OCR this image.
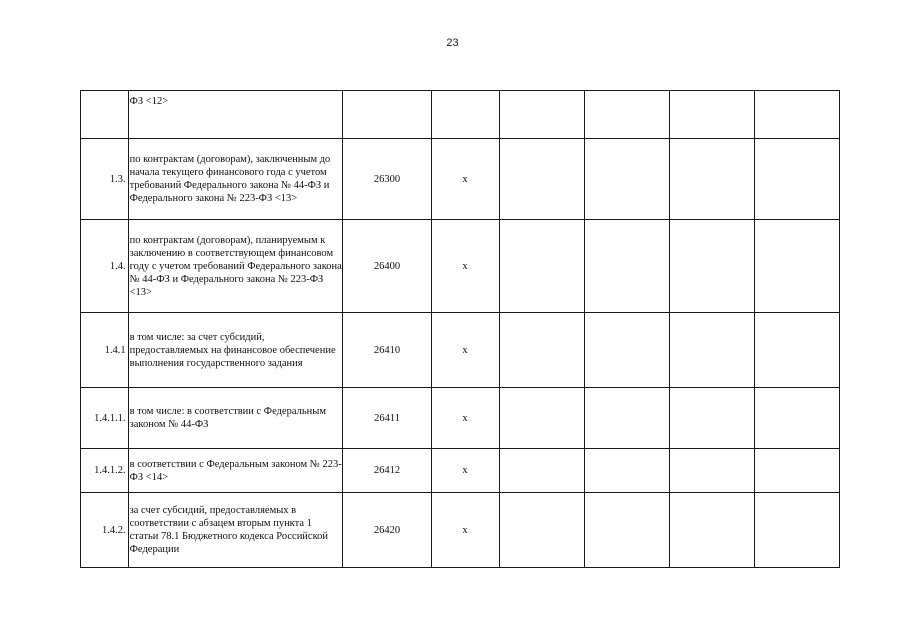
23
	ФЗ <12>						
1.3.	по контрактам (договорам), заключенным до начала текущего финансового года с учетом требований Федерального закона № 44-ФЗ и Федерального закона № 223-ФЗ <13>	26300	x				
1.4.	по контрактам (договорам), планируемым к заключению в соответствующем финансовом году с учетом требований Федерального закона № 44-ФЗ и Федерального закона № 223-ФЗ <13>	26400	x				
1.4.1	в том числе: за счет субсидий, предоставляемых на финансовое обеспечение выполнения государственного задания	26410	x				
1.4.1.1.	в том числе: в соответствии с Федеральным законом № 44-ФЗ	26411	x				
1.4.1.2.	в соответствии с Федеральным законом № 223-ФЗ <14>	26412	x				
1.4.2.	за счет субсидий, предоставляемых в соответствии с абзацем вторым пункта 1 статьи 78.1 Бюджетного кодекса Российской Федерации	26420	x				
